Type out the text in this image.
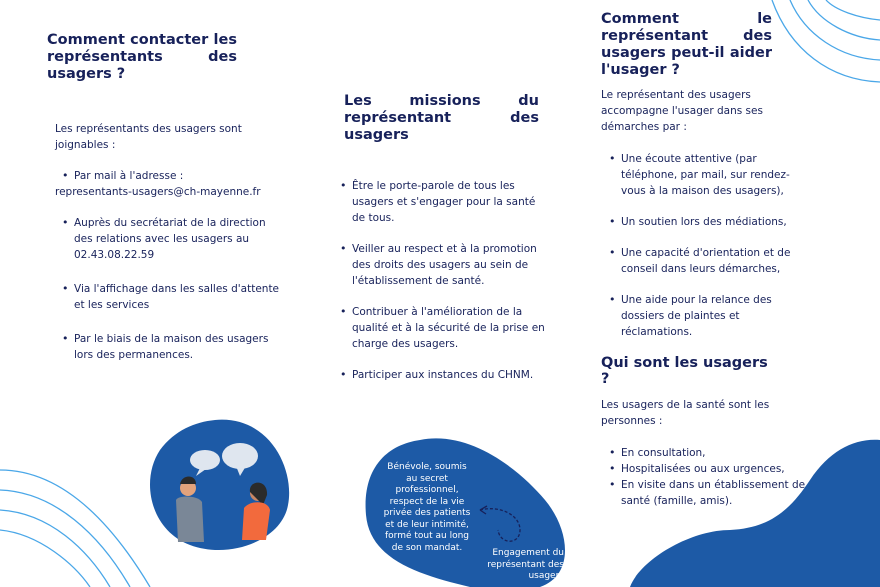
Comment contacter les représentants des usagers ?

Les représentants des usagers sont joignables :

• Par mail à l'adresse :
representants-usagers@ch-mayenne.fr
• Auprès du secrétariat de la direction des relations avec les usagers au 02.43.08.22.59
• Via l'affichage dans les salles d'attente et les services
• Par le biais de la maison des usagers lors des permanences.
Les missions du représentant des usagers
• Être le porte-parole de tous les usagers et s'engager pour la santé de tous.
• Veiller au respect et à la promotion des droits des usagers au sein de l'établissement de santé.
• Contribuer à l'amélioration de la qualité et à la sécurité de la prise en charge des usagers.
• Participer aux instances du CHNM.
Bénévole, soumis au secret professionnel, respect de la vie privée des patients et de leur intimité, formé tout au long de son mandat.
Engagement du représentant des usagers
Comment le représentant des usagers peut-il aider l'usager ?

Le représentant des usagers accompagne l'usager dans ses démarches par :

• Une écoute attentive (par téléphone, par mail, sur rendez-vous à la maison des usagers),
• Un soutien lors des médiations,
• Une capacité d'orientation et de conseil dans leurs démarches,
• Une aide pour la relance des dossiers de plaintes et réclamations.
Qui sont les usagers ?

Les usagers de la santé sont les personnes :

• En consultation,
• Hospitalisées ou aux urgences,
• En visite dans un établissement de santé (famille, amis).
